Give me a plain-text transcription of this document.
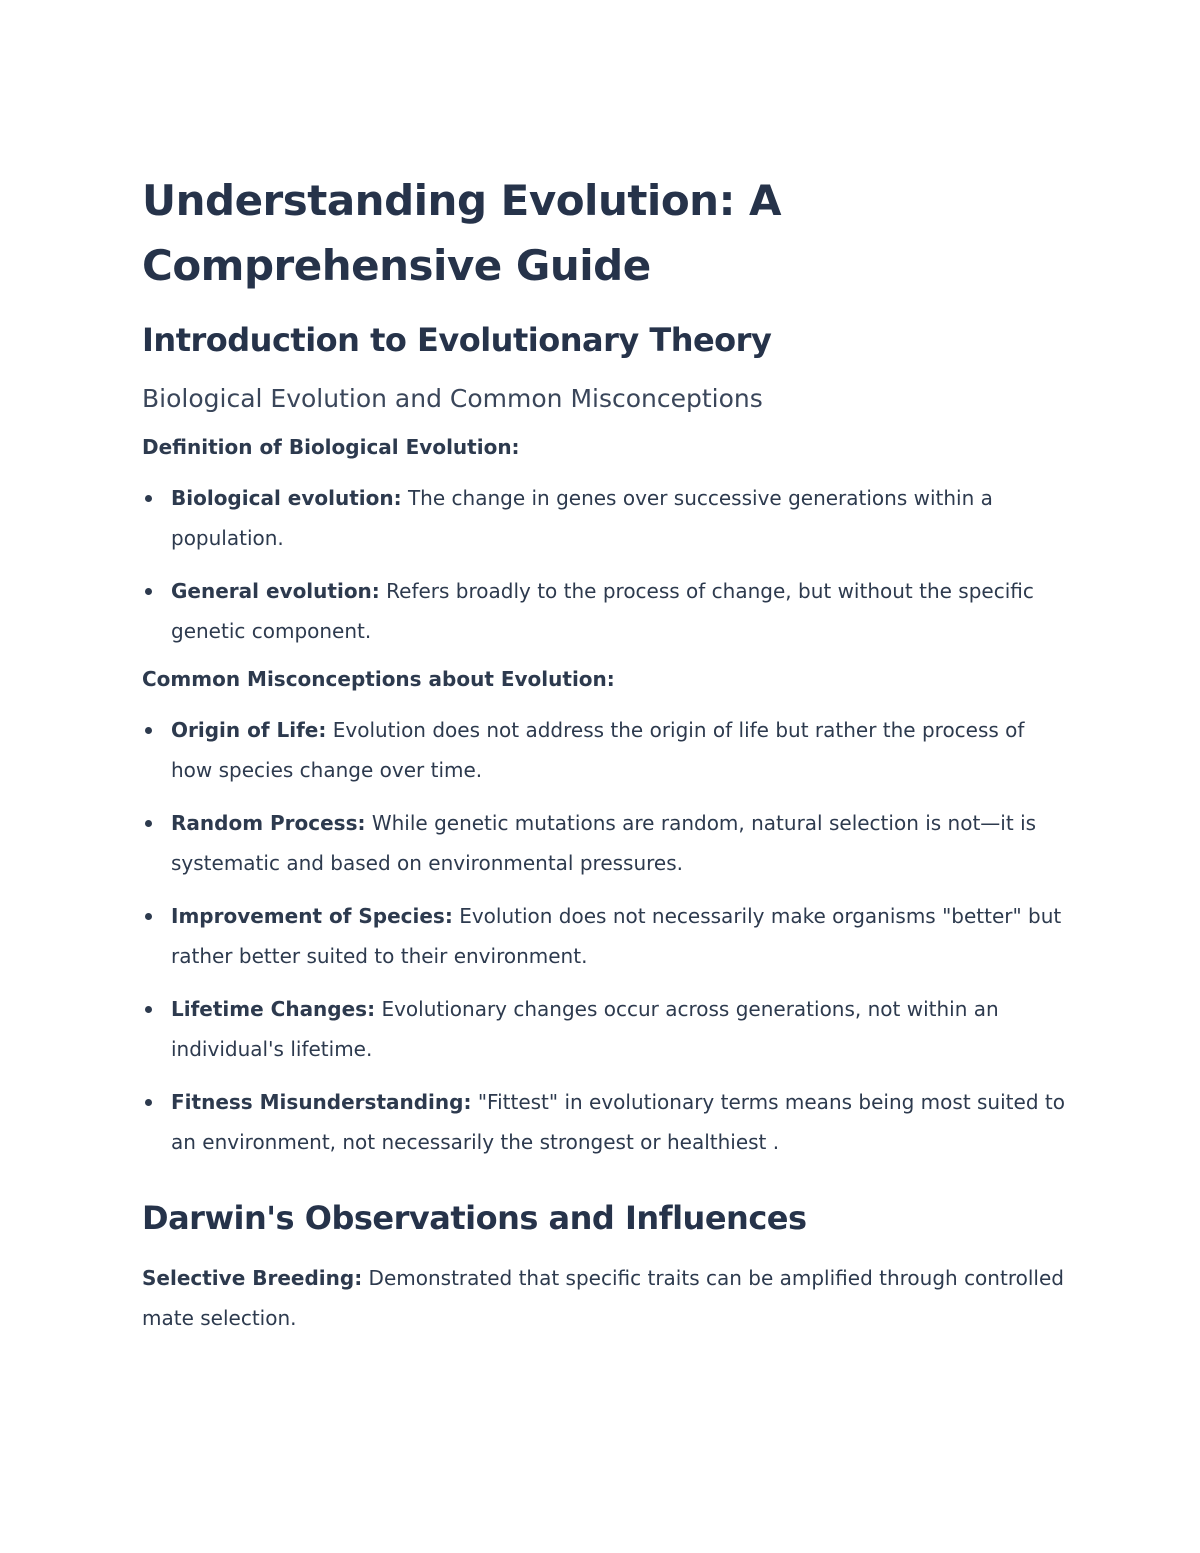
Understanding Evolution: A Comprehensive Guide
Introduction to Evolutionary Theory
Biological Evolution and Common Misconceptions
Definition of Biological Evolution:
Biological evolution: The change in genes over successive generations within a population.
General evolution: Refers broadly to the process of change, but without the specific genetic component.
Common Misconceptions about Evolution:
Origin of Life: Evolution does not address the origin of life but rather the process of how species change over time.
Random Process: While genetic mutations are random, natural selection is not—it is systematic and based on environmental pressures.
Improvement of Species: Evolution does not necessarily make organisms "better" but rather better suited to their environment.
Lifetime Changes: Evolutionary changes occur across generations, not within an individual's lifetime.
Fitness Misunderstanding: "Fittest" in evolutionary terms means being most suited to an environment, not necessarily the strongest or healthiest .
Darwin's Observations and Influences

Selective Breeding: Demonstrated that specific traits can be amplified through controlled mate selection.
